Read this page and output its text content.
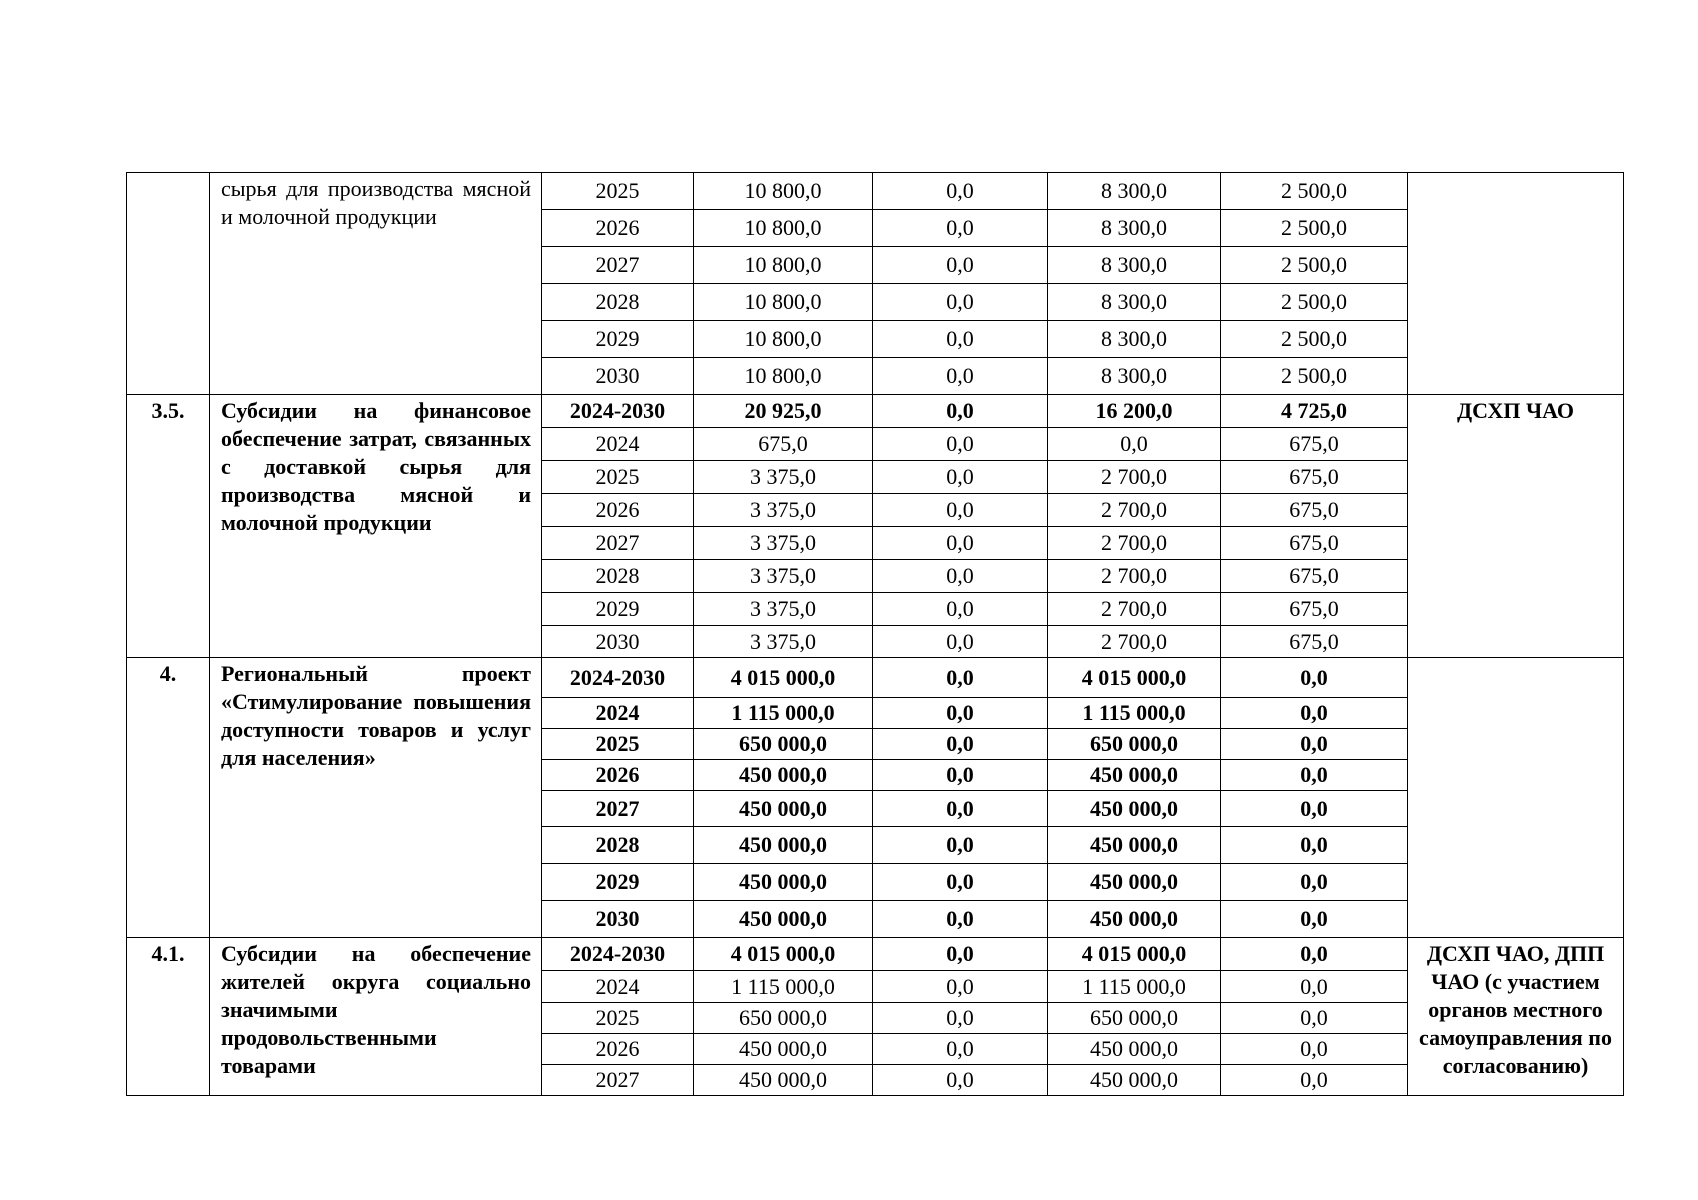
	сырья для производства мясной и молочной продукции	2025	10 800,0	0,0	8 300,0	2 500,0	
		2026	10 800,0	0,0	8 300,0	2 500,0	
		2027	10 800,0	0,0	8 300,0	2 500,0	
		2028	10 800,0	0,0	8 300,0	2 500,0	
		2029	10 800,0	0,0	8 300,0	2 500,0	
		2030	10 800,0	0,0	8 300,0	2 500,0	
3.5.	Субсидии на финансовое обеспечение затрат, связанных с доставкой сырья для производства мясной и молочной продукции	2024-2030	20 925,0	0,0	16 200,0	4 725,0	ДСХП ЧАО
		2024	675,0	0,0	0,0	675,0	
		2025	3 375,0	0,0	2 700,0	675,0	
		2026	3 375,0	0,0	2 700,0	675,0	
		2027	3 375,0	0,0	2 700,0	675,0	
		2028	3 375,0	0,0	2 700,0	675,0	
		2029	3 375,0	0,0	2 700,0	675,0	
		2030	3 375,0	0,0	2 700,0	675,0	
4.	Региональный проект «Стимулирование повышения доступности товаров и услуг для населения»	2024-2030	4 015 000,0	0,0	4 015 000,0	0,0	
		2024	1 115 000,0	0,0	1 115 000,0	0,0	
		2025	650 000,0	0,0	650 000,0	0,0	
		2026	450 000,0	0,0	450 000,0	0,0	
		2027	450 000,0	0,0	450 000,0	0,0	
		2028	450 000,0	0,0	450 000,0	0,0	
		2029	450 000,0	0,0	450 000,0	0,0	
		2030	450 000,0	0,0	450 000,0	0,0	
4.1.	Субсидии на обеспечение жителей округа социально значимыми продовольственными товарами	2024-2030	4 015 000,0	0,0	4 015 000,0	0,0	ДСХП ЧАО, ДПП ЧАО (с участием органов местного самоуправления по согласованию)
		2024	1 115 000,0	0,0	1 115 000,0	0,0	
		2025	650 000,0	0,0	650 000,0	0,0	
		2026	450 000,0	0,0	450 000,0	0,0	
		2027	450 000,0	0,0	450 000,0	0,0	
